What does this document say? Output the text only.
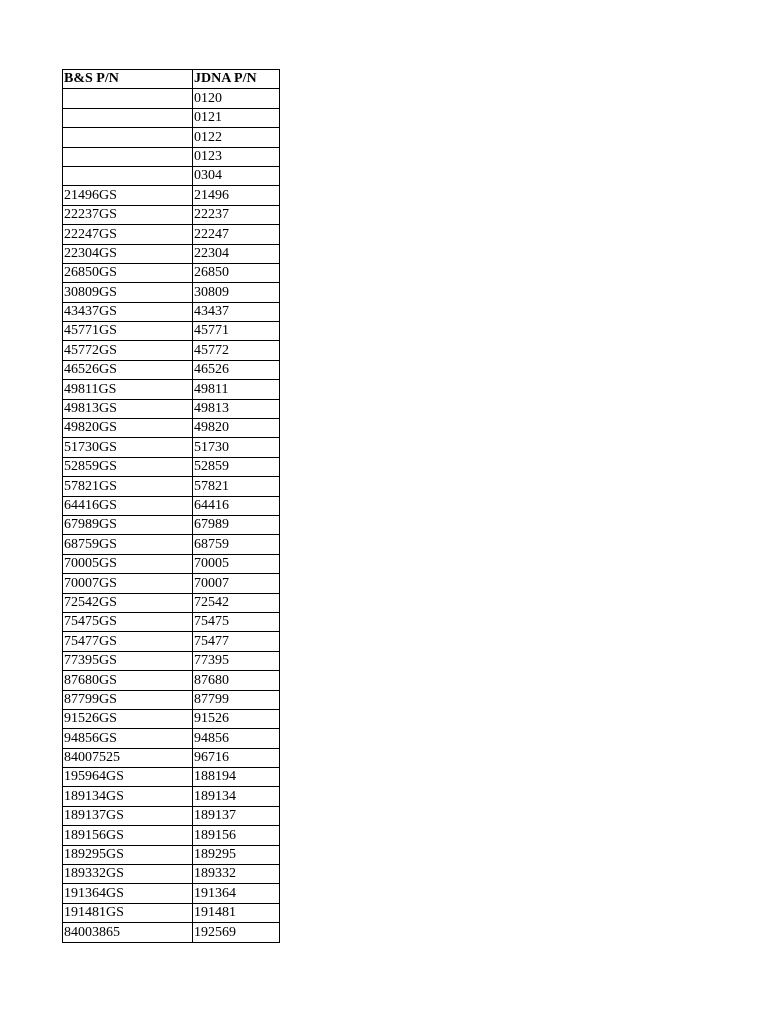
B&S P/N	JDNA P/N
	0120
	0121
	0122
	0123
	0304
21496GS	21496
22237GS	22237
22247GS	22247
22304GS	22304
26850GS	26850
30809GS	30809
43437GS	43437
45771GS	45771
45772GS	45772
46526GS	46526
49811GS	49811
49813GS	49813
49820GS	49820
51730GS	51730
52859GS	52859
57821GS	57821
64416GS	64416
67989GS	67989
68759GS	68759
70005GS	70005
70007GS	70007
72542GS	72542
75475GS	75475
75477GS	75477
77395GS	77395
87680GS	87680
87799GS	87799
91526GS	91526
94856GS	94856
84007525	96716
195964GS	188194
189134GS	189134
189137GS	189137
189156GS	189156
189295GS	189295
189332GS	189332
191364GS	191364
191481GS	191481
84003865	192569
